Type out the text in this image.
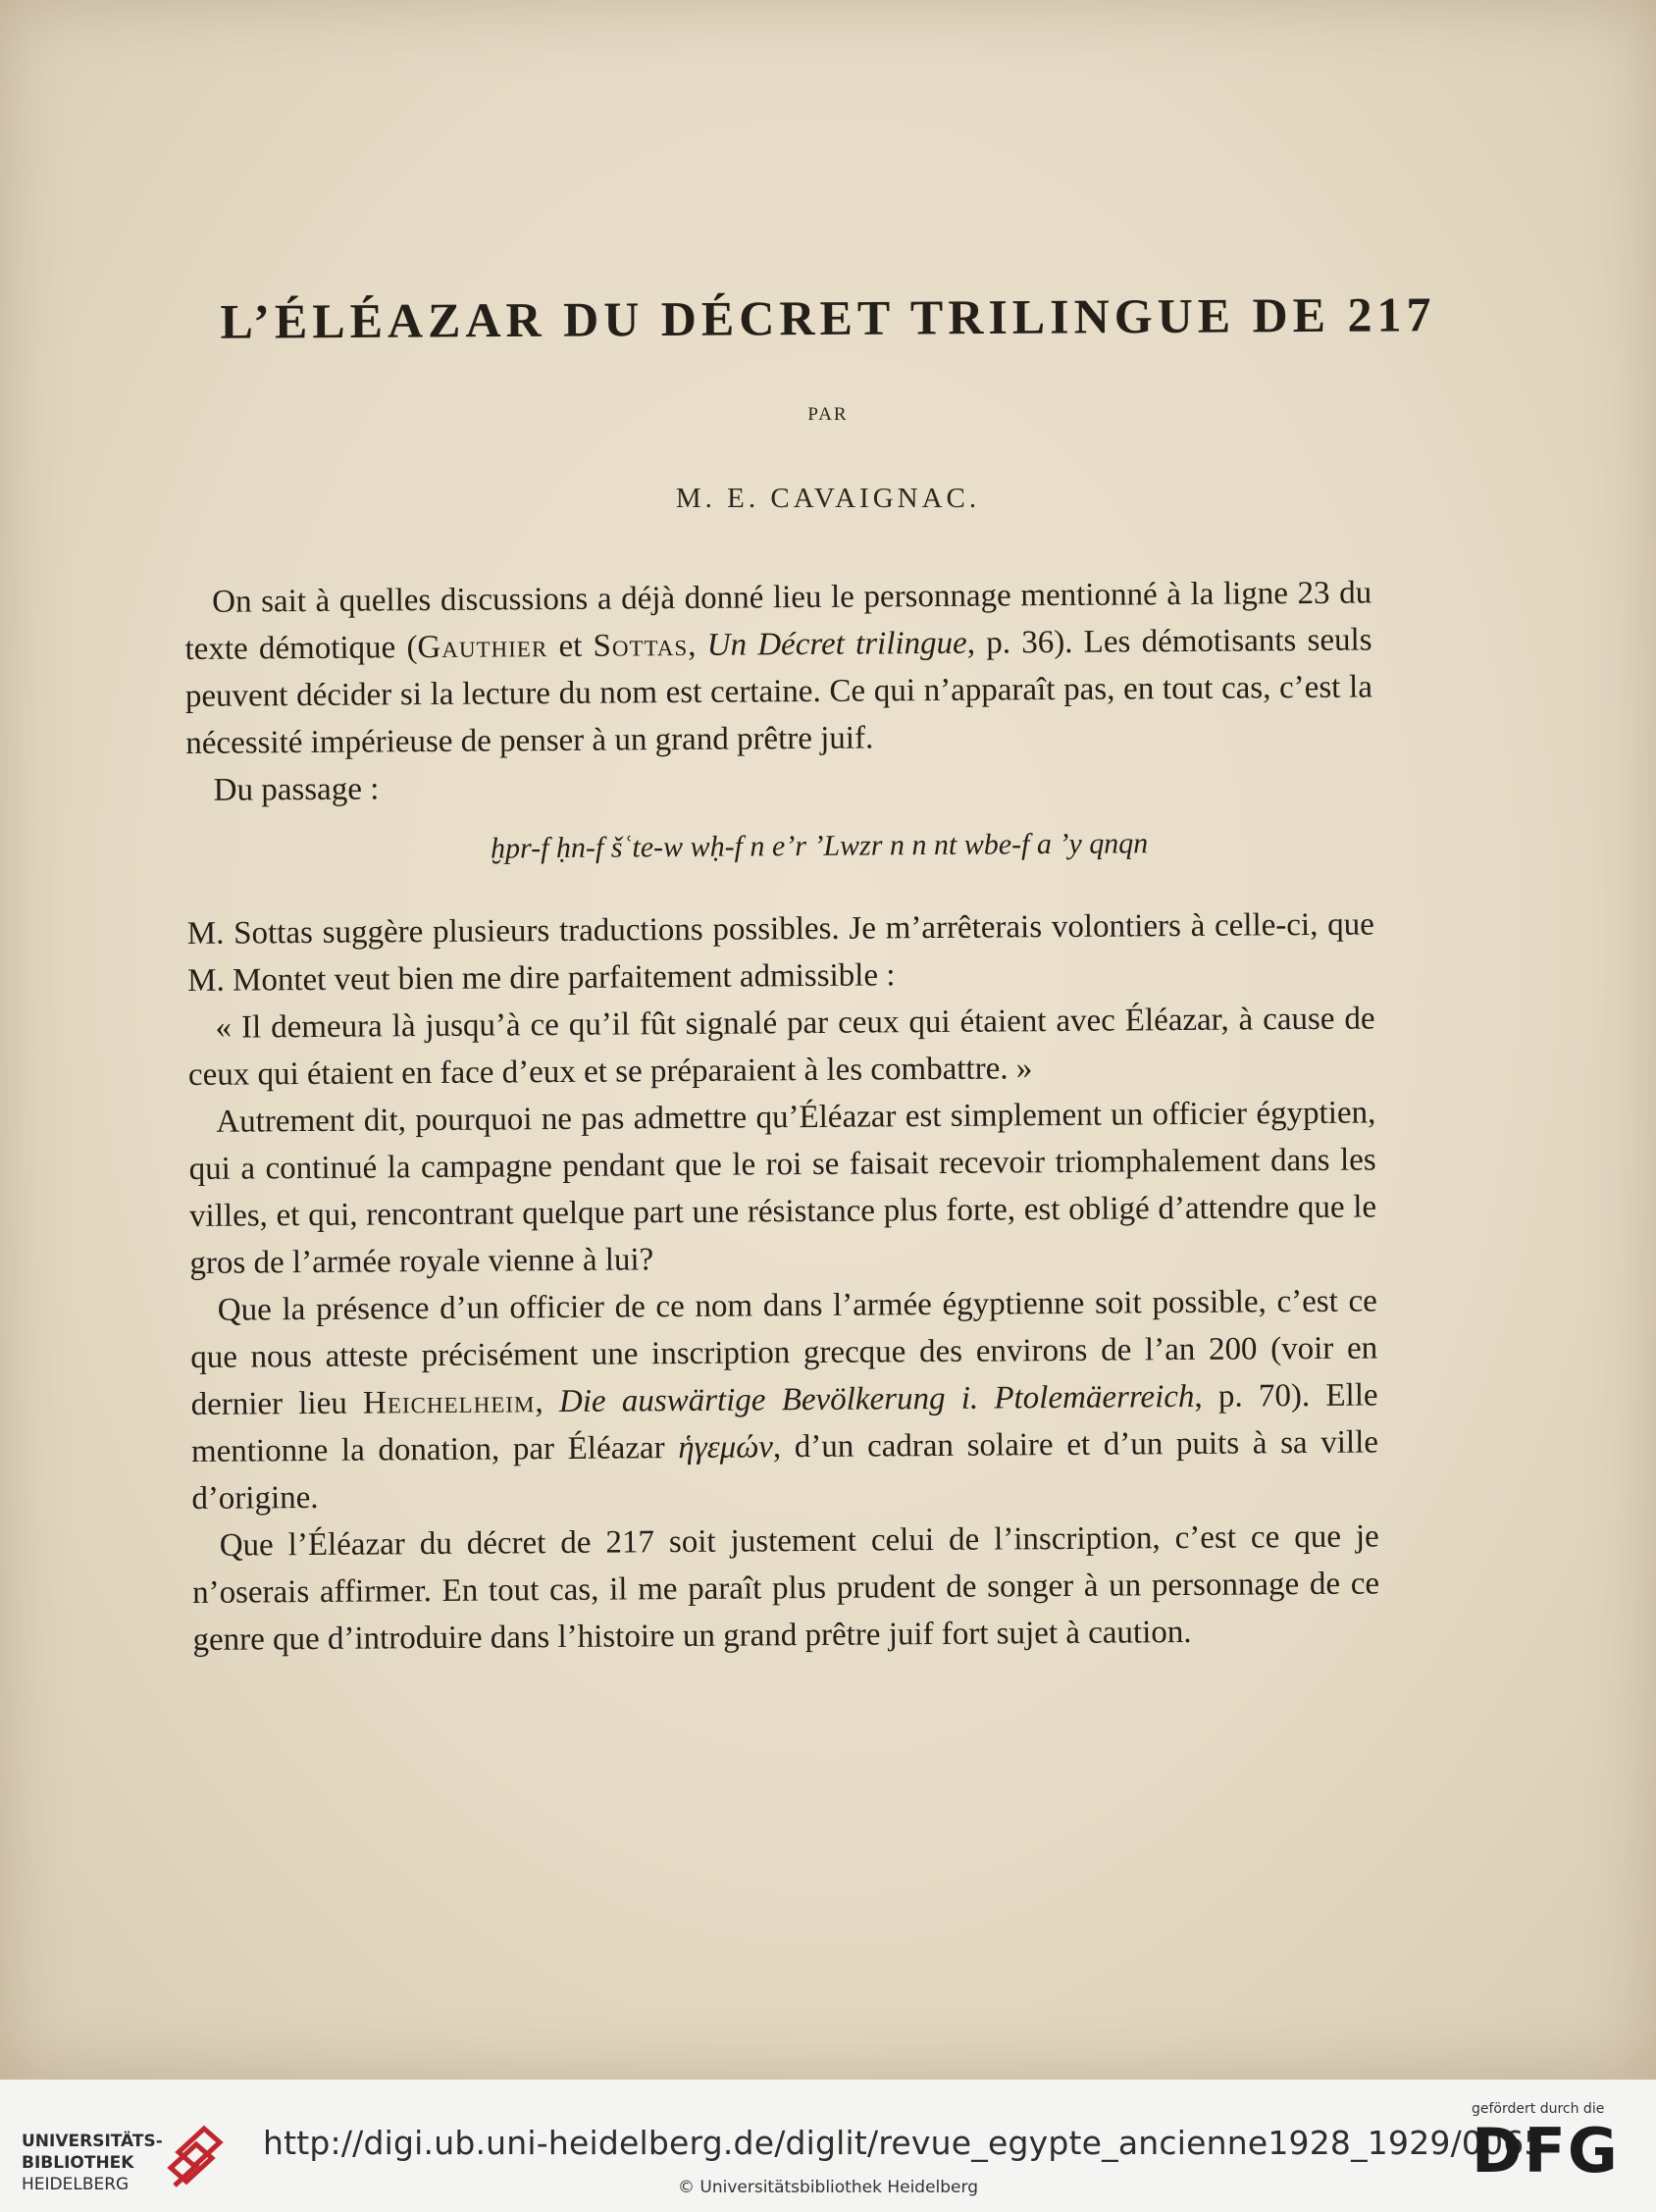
L’ÉLÉAZAR DU DÉCRET TRILINGUE DE 217
PAR
M. E. CAVAIGNAC.

On sait à quelles discussions a déjà donné lieu le personnage mentionné à la ligne 23 du texte démotique (Gauthier et Sottas, Un Décret trilingue, p. 36). Les démotisants seuls peuvent décider si la lecture du nom est certaine. Ce qui n’apparaît pas, en tout cas, c’est la nécessité impérieuse de penser à un grand prêtre juif.

Du passage :

ḫpr-f ḥn-f šʿte-w wḥ-f n e’r ’Lwzr n n nt wbe-f a ’y qnqn

M. Sottas suggère plusieurs traductions possibles. Je m’arrêterais volontiers à celle-ci, que M. Montet veut bien me dire parfaitement admissible :

« Il demeura là jusqu’à ce qu’il fût signalé par ceux qui étaient avec Éléazar, à cause de ceux qui étaient en face d’eux et se préparaient à les combattre. »

Autrement dit, pourquoi ne pas admettre qu’Éléazar est simplement un officier égyptien, qui a continué la campagne pendant que le roi se faisait recevoir triomphalement dans les villes, et qui, rencontrant quelque part une résistance plus forte, est obligé d’attendre que le gros de l’armée royale vienne à lui?

Que la présence d’un officier de ce nom dans l’armée égyptienne soit possible, c’est ce que nous atteste précisément une inscription grecque des environs de l’an 200 (voir en dernier lieu Heichelheim, Die auswärtige Bevölkerung i. Ptolemäerreich, p. 70). Elle mentionne la donation, par Éléazar ἡγεμών, d’un cadran solaire et d’un puits à sa ville d’origine.

Que l’Éléazar du décret de 217 soit justement celui de l’inscription, c’est ce que je n’oserais affirmer. En tout cas, il me paraît plus prudent de songer à un personnage de ce genre que d’introduire dans l’histoire un grand prêtre juif fort sujet à caution.

UNIVERSITÄTS-
BIBLIOTHEK
HEIDELBERG
http://digi.ub.uni-heidelberg.de/diglit/revue_egypte_ancienne1928_1929/0065
© Universitätsbibliothek Heidelberg
gefördert durch die
DFG
